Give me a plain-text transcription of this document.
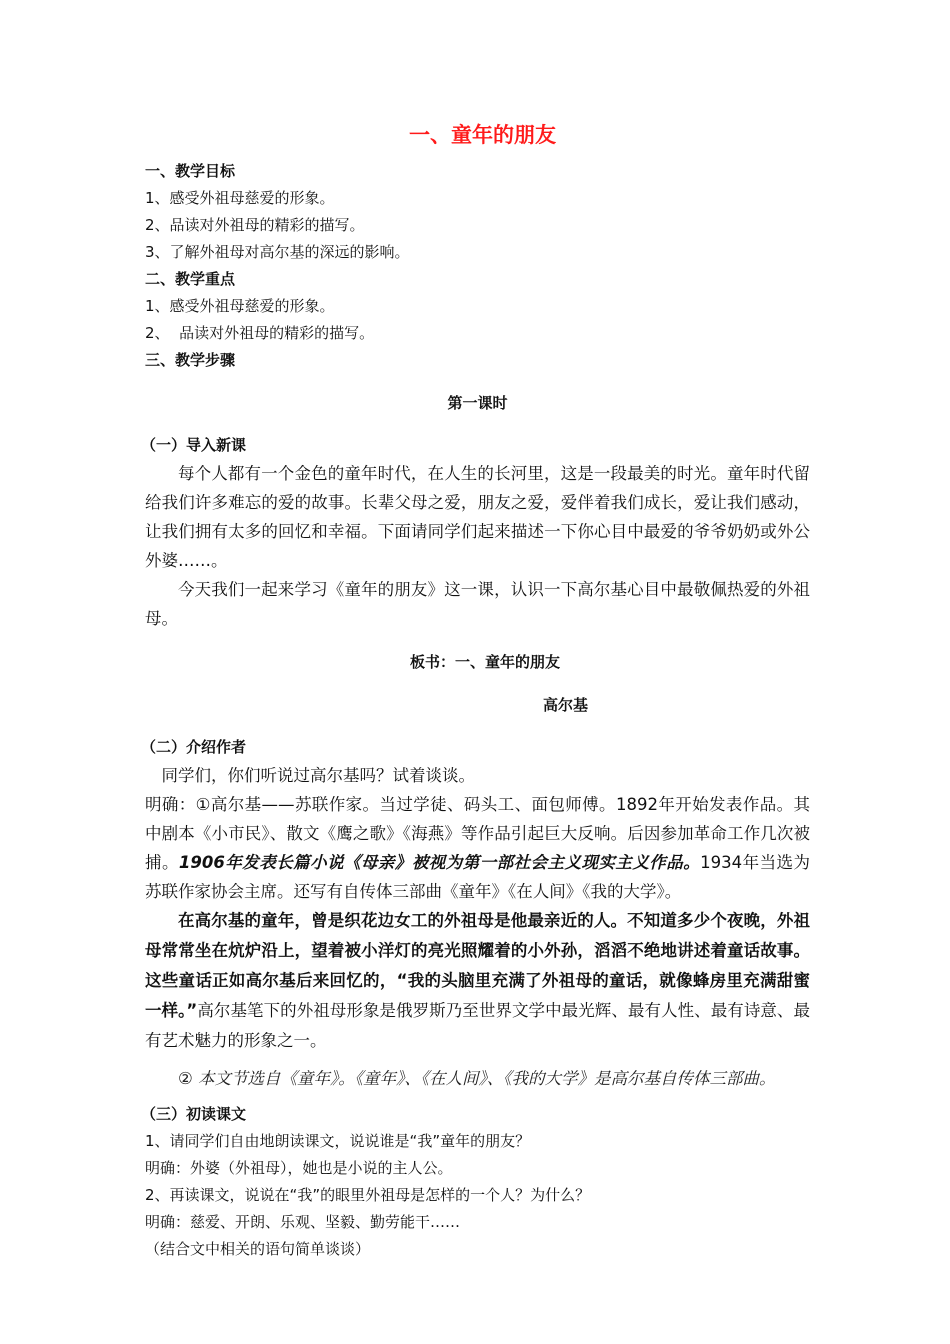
一、童年的朋友

一、教学目标

1、感受外祖母慈爱的形象。

2、品读对外祖母的精彩的描写。

3、了解外祖母对高尔基的深远的影响。

二、教学重点

1、感受外祖母慈爱的形象。

2、  品读对外祖母的精彩的描写。

三、教学步骤

第一课时

（一）导入新课

每个人都有一个金色的童年时代，在人生的长河里，这是一段最美的时光。童年时代留给我们许多难忘的爱的故事。长辈父母之爱，朋友之爱，爱伴着我们成长，爱让我们感动，让我们拥有太多的回忆和幸福。下面请同学们起来描述一下你心目中最爱的爷爷奶奶或外公外婆……。

今天我们一起来学习《童年的朋友》这一课，认识一下高尔基心目中最敬佩热爱的外祖母。

板书：一、童年的朋友

高尔基

（二）介绍作者

同学们，你们听说过高尔基吗？试着谈谈。

明确：①高尔基——苏联作家。当过学徒、码头工、面包师傅。1892年开始发表作品。其中剧本《小市民》、散文《鹰之歌》《海燕》等作品引起巨大反响。后因参加革命工作几次被捕。1906年发表长篇小说《母亲》被视为第一部社会主义现实主义作品。1934年当选为苏联作家协会主席。还写有自传体三部曲《童年》《在人间》《我的大学》。

在高尔基的童年，曾是织花边女工的外祖母是他最亲近的人。不知道多少个夜晚，外祖母常常坐在炕炉沿上，望着被小洋灯的亮光照耀着的小外孙，滔滔不绝地讲述着童话故事。这些童话正如高尔基后来回忆的，“我的头脑里充满了外祖母的童话，就像蜂房里充满甜蜜一样。”高尔基笔下的外祖母形象是俄罗斯乃至世界文学中最光辉、最有人性、最有诗意、最有艺术魅力的形象之一。

② 本文节选自《童年》。《童年》、《在人间》、《我的大学》是高尔基自传体三部曲。

（三）初读课文

1、请同学们自由地朗读课文，说说谁是“我”童年的朋友？

明确：外婆（外祖母），她也是小说的主人公。

2、再读课文，说说在“我”的眼里外祖母是怎样的一个人？为什么？

明确：慈爱、开朗、乐观、坚毅、勤劳能干……

（结合文中相关的语句简单谈谈）
